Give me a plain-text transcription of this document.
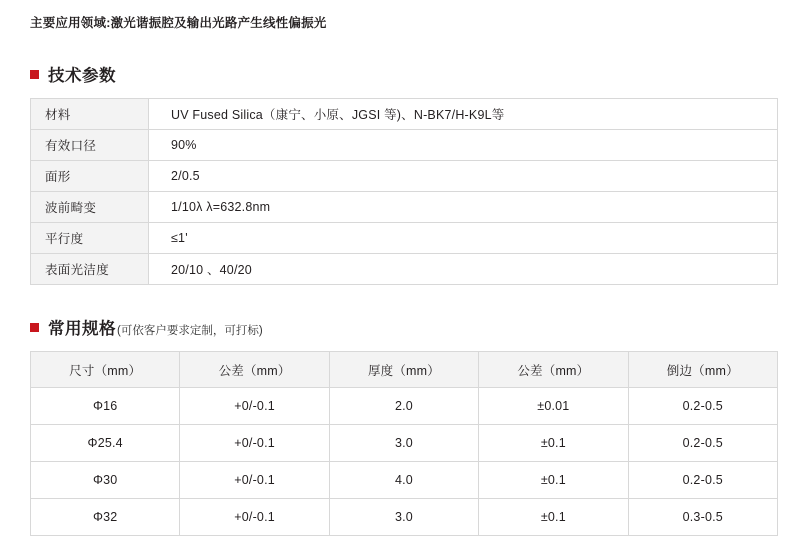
主要应用领域:激光谐振腔及输出光路产生线性偏振光
技术参数
材料	UV Fused Silica（康宁、小原、JGSI 等)、N-BK7/H-K9L等
有效口径	90%
面形	2/0.5
波前畸变	1/10λ λ=632.8nm
平行度	≤1'
表面光洁度	20/10 、40/20
常用规格 (可依客户要求定制，可打标)
尺寸（mm）	公差（mm）	厚度（mm）	公差（mm）	倒边（mm）
Φ16	+0/-0.1	2.0	±0.01	0.2-0.5
Φ25.4	+0/-0.1	3.0	±0.1	0.2-0.5
Φ30	+0/-0.1	4.0	±0.1	0.2-0.5
Φ32	+0/-0.1	3.0	±0.1	0.3-0.5
